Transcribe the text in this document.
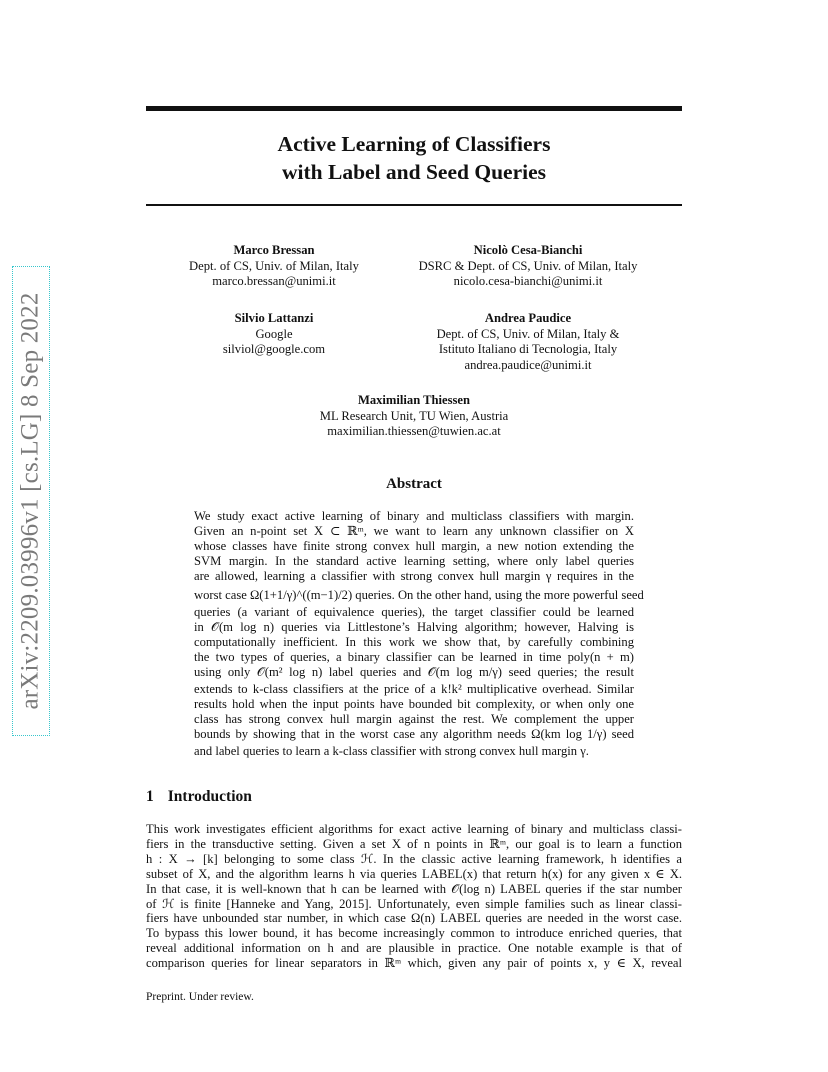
arXiv:2209.03996v1 [cs.LG] 8 Sep 2022
Active Learning of Classifiers
with Label and Seed Queries
Marco Bressan
Dept. of CS, Univ. of Milan, Italy
marco.bressan@unimi.it
Nicolò Cesa-Bianchi
DSRC & Dept. of CS, Univ. of Milan, Italy
nicolo.cesa-bianchi@unimi.it
Silvio Lattanzi
Google
silviol@google.com
Andrea Paudice
Dept. of CS, Univ. of Milan, Italy &
Istituto Italiano di Tecnologia, Italy
andrea.paudice@unimi.it
Maximilian Thiessen
ML Research Unit, TU Wien, Austria
maximilian.thiessen@tuwien.ac.at
Abstract
We study exact active learning of binary and multiclass classifiers with margin.
Given an n-point set X ⊂ ℝᵐ, we want to learn any unknown classifier on X
whose classes have finite strong convex hull margin, a new notion extending the
SVM margin. In the standard active learning setting, where only label queries
are allowed, learning a classifier with strong convex hull margin γ requires in the
worst case Ω(1+1/γ)^((m−1)/2) queries. On the other hand, using the more powerful seed
queries (a variant of equivalence queries), the target classifier could be learned
in 𝒪(m log n) queries via Littlestone’s Halving algorithm; however, Halving is
computationally inefficient. In this work we show that, by carefully combining
the two types of queries, a binary classifier can be learned in time poly(n + m)
using only 𝒪(m² log n) label queries and 𝒪(m log m/γ) seed queries; the result
extends to k-class classifiers at the price of a k!k² multiplicative overhead. Similar
results hold when the input points have bounded bit complexity, or when only one
class has strong convex hull margin against the rest. We complement the upper
bounds by showing that in the worst case any algorithm needs Ω(km log 1/γ) seed
and label queries to learn a k-class classifier with strong convex hull margin γ.
1 Introduction
This work investigates efficient algorithms for exact active learning of binary and multiclass classi-
fiers in the transductive setting. Given a set X of n points in ℝᵐ, our goal is to learn a function
h : X → [k] belonging to some class ℋ. In the classic active learning framework, h identifies a
subset of X, and the algorithm learns h via queries LABEL(x) that return h(x) for any given x ∈ X.
In that case, it is well-known that h can be learned with 𝒪(log n) LABEL queries if the star number
of ℋ is finite [Hanneke and Yang, 2015]. Unfortunately, even simple families such as linear classi-
fiers have unbounded star number, in which case Ω(n) LABEL queries are needed in the worst case.
To bypass this lower bound, it has become increasingly common to introduce enriched queries, that
reveal additional information on h and are plausible in practice. One notable example is that of
comparison queries for linear separators in ℝᵐ which, given any pair of points x, y ∈ X, reveal
Preprint. Under review.
